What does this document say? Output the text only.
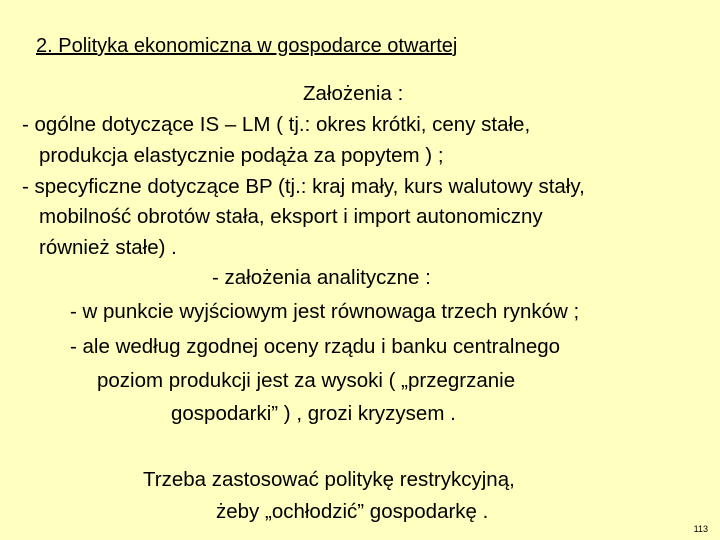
2. Polityka ekonomiczna w gospodarce otwartej
Założenia :
- ogólne dotyczące IS – LM ( tj.: okres krótki, ceny stałe,
produkcja elastycznie podąża za popytem ) ;
- specyficzne dotyczące BP (tj.: kraj mały, kurs walutowy stały,
mobilność obrotów stała, eksport i import autonomiczny
również stałe) .
- założenia analityczne :
- w punkcie wyjściowym jest równowaga trzech rynków ;
- ale według zgodnej oceny rządu i banku centralnego
poziom produkcji jest za wysoki ( „przegrzanie
gospodarki” ) , grozi kryzysem .
Trzeba zastosować politykę restrykcyjną,
żeby „ochłodzić” gospodarkę .
113
